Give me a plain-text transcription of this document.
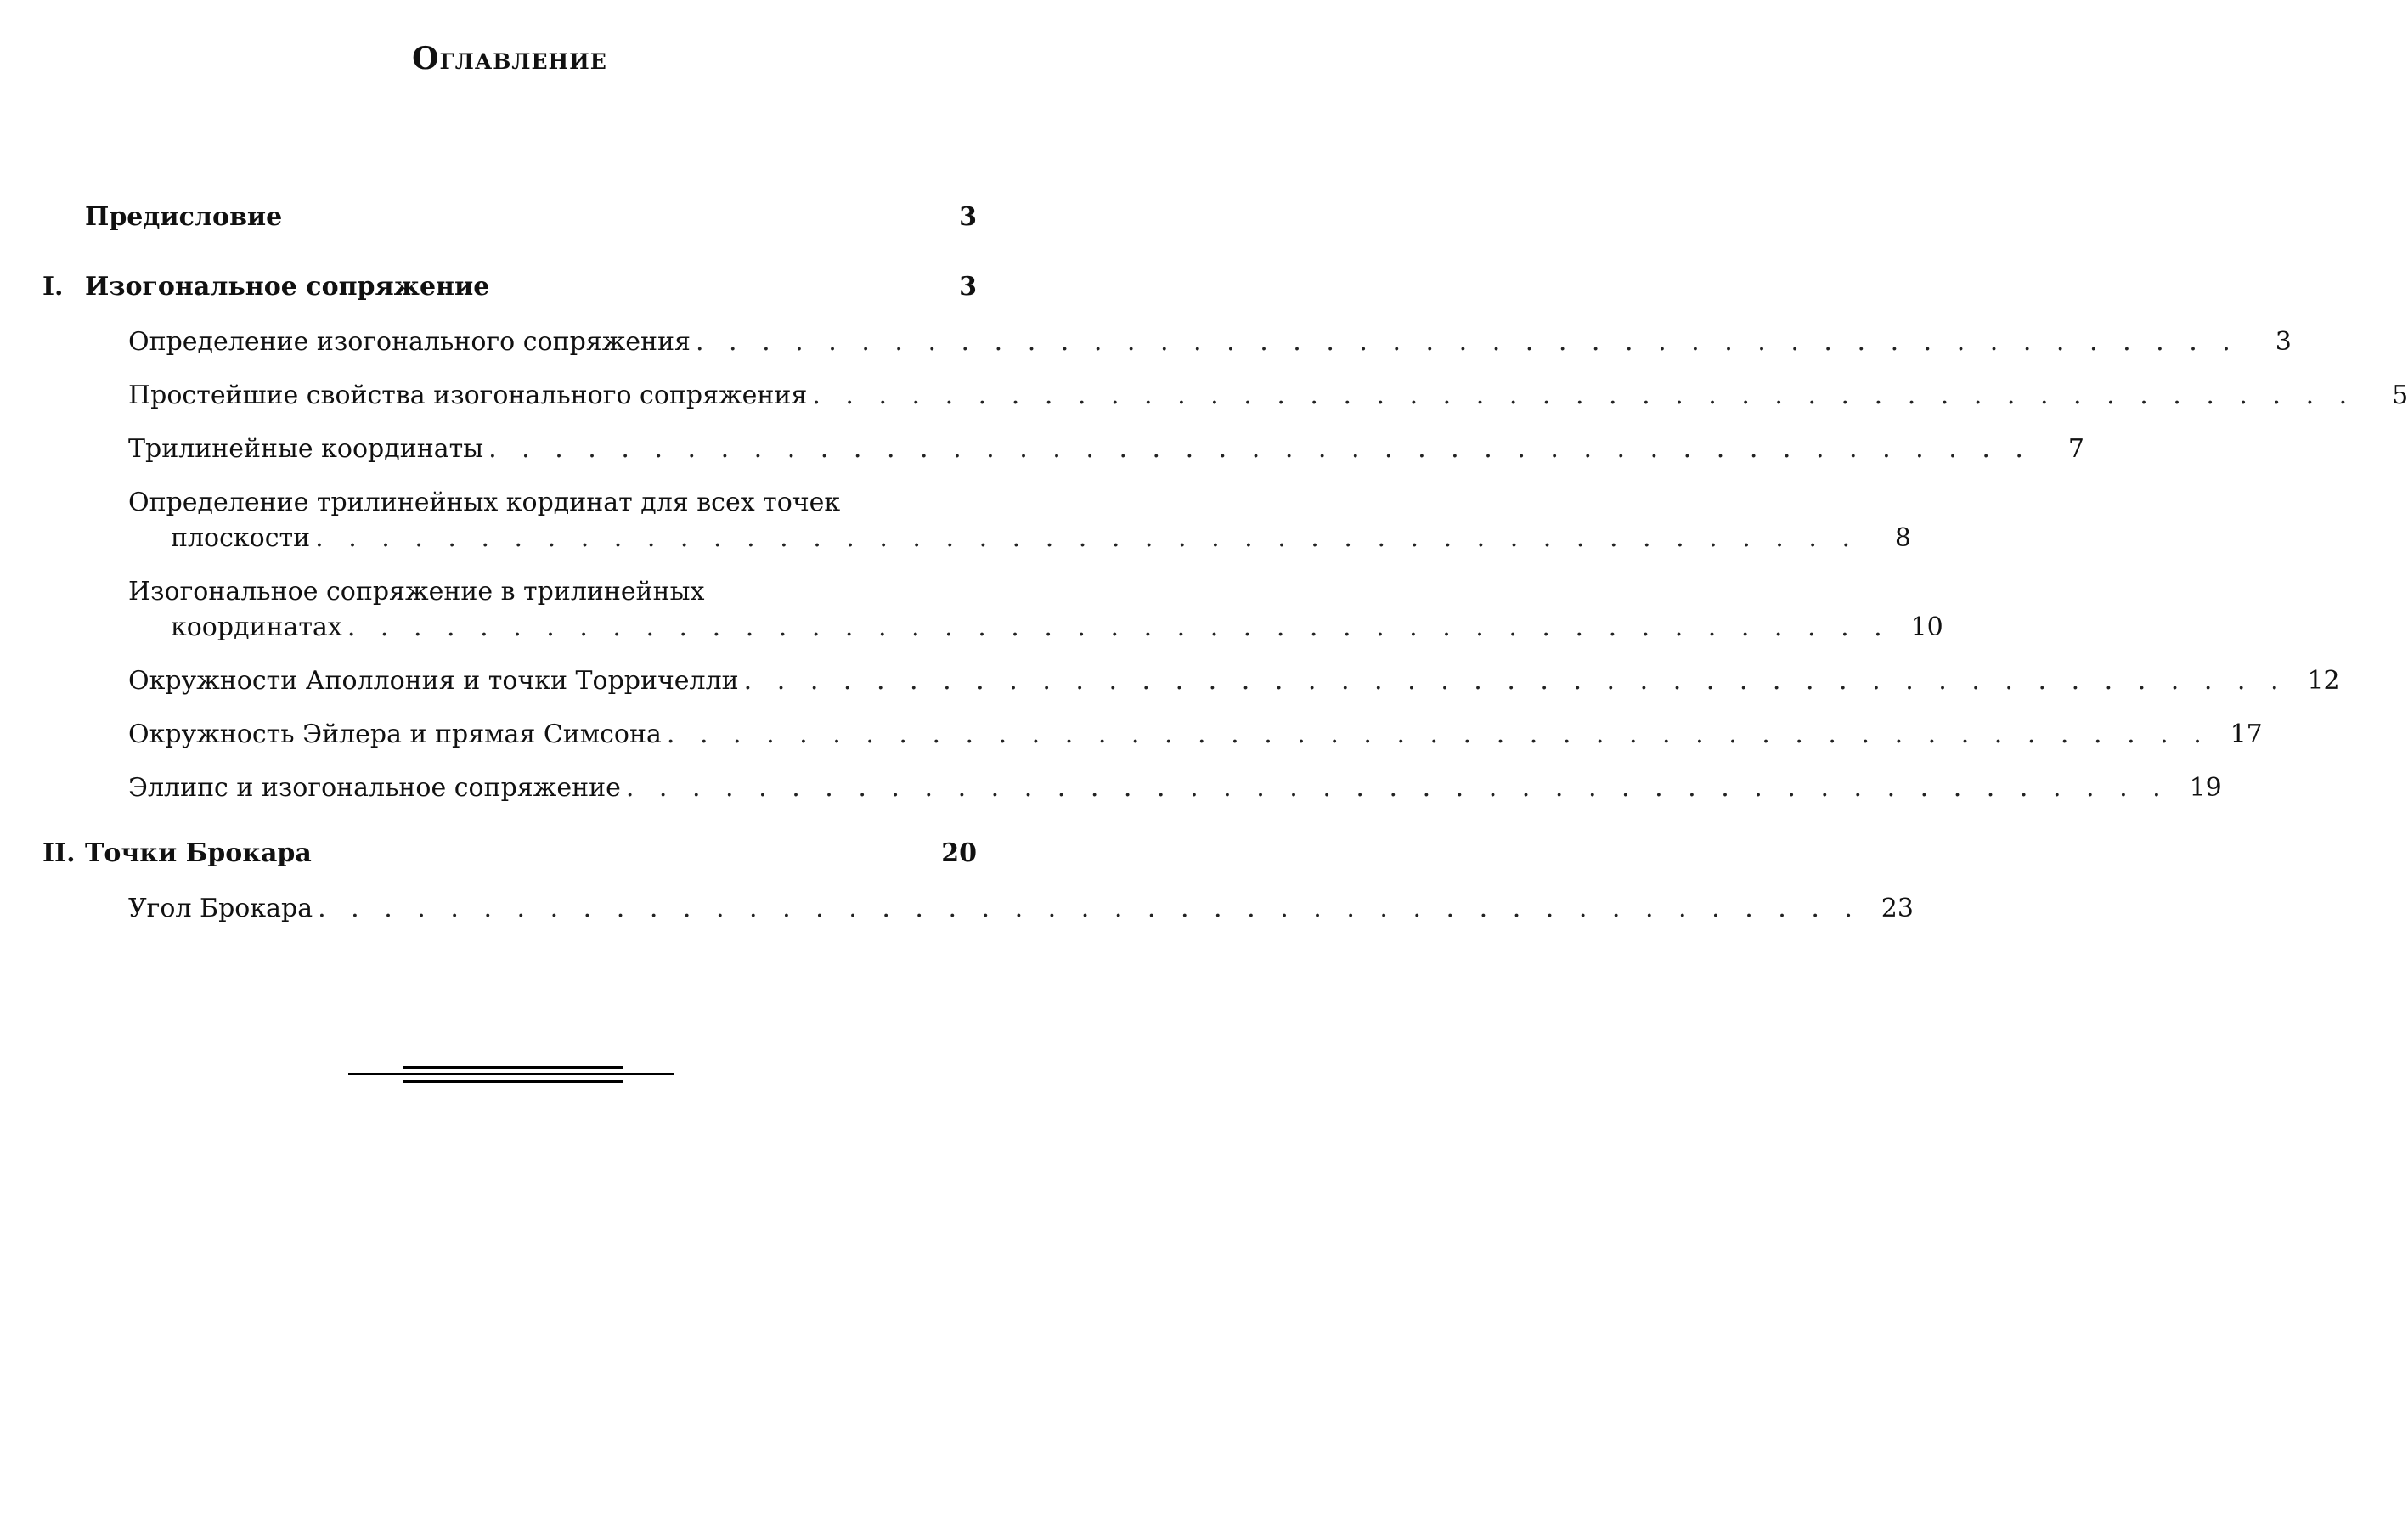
Оглавление
Предисловие	3
I. Изогональное сопряжение	3
Определение изогонального сопряжения . . . . . . . . . . . . . . . . . . . . . . . . . . . . . . . . . . . . . . . . . . . . . . .	3
Простейшие свойства изогонального сопряжения . . . . . . . . . . . . . . . . . . . . . . . . . . . . . . . . . . . . . . . . . . . . . . .	5
Трилинейные координаты . . . . . . . . . . . . . . . . . . . . . . . . . . . . . . . . . . . . . . . . . . . . . . .	7
Определение трилинейных кординат для всех точек
плоскости . . . . . . . . . . . . . . . . . . . . . . . . . . . . . . . . . . . . . . . . . . . . . . .	8
Изогональное сопряжение в трилинейных
координатах . . . . . . . . . . . . . . . . . . . . . . . . . . . . . . . . . . . . . . . . . . . . . . . 10
Окружности Аполлония и точки Торричелли . . . . . . . . . . . . . . . . . . . . . . . . . . . . . . . . . . . . . . . . . . . . . . . 12
Окружность Эйлера и прямая Симсона . . . . . . . . . . . . . . . . . . . . . . . . . . . . . . . . . . . . . . . . . . . . . . . 17
Эллипс и изогональное сопряжение . . . . . . . . . . . . . . . . . . . . . . . . . . . . . . . . . . . . . . . . . . . . . . . 19
II. Точки Брокара	20
Угол Брокара . . . . . . . . . . . . . . . . . . . . . . . . . . . . . . . . . . . . . . . . . . . . . . . 23
